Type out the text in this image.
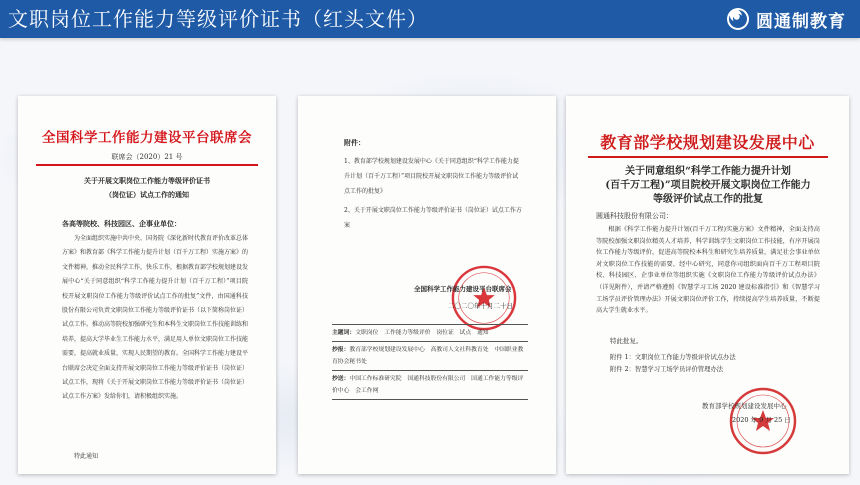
文职岗位工作能力等级评价证书（红头文件）	圆通制教育
全国科学工作能力建设平台联席会
联席会（2020）21 号
关于开展文职岗位工作能力等级评价证书
（岗位证）试点工作的通知
各高等院校、科技园区、企事业单位：
为全面组织实施中共中央、国务院《深化新时代教育评价改革总体方案》和教育部《科学工作能力提升计划（百千万工程）实施方案》的文件精神，推动全民科学工作，快乐工作，根据教育部学校规划建设发展中心“关于同意组织“科学工作能力提升计划（百千万工程）”项目院校开展文职岗位工作能力等级评价试点工作的批复”文件，由国通科技股份有限公司负责文职岗位工作能力等级评价证书（以下简称岗位证）试点工作。推动高等院校加强研究生和本科生文职岗位工作技能训练和培养，提高大学毕业生工作能力水平，满足用人单位文职岗位工作技能需要，提高就业质量，实现人民期望的教育。全国科学工作能力建设平台联席会决定全面支持开展文职岗位工作能力等级评价证书（岗位证）试点工作，现将《关于开展文职岗位工作能力等级评价证书（岗位证）试点工作方案》发给你们，请积极组织实施。
特此通知
附件：
1、教育部学校规划建设发展中心《关于同意组织“科学工作能力提升计划（百千万工程）”项目院校开展文职岗位工作能力等级评价试点工作的批复》
2、关于开展文职岗位工作能力等级评价证书（岗位证）试点工作方案
全国科学工作能力建设平台联席会
二〇二〇年十月二十日
主题词：文职岗位　工作能力等级评价　岗位证　试点　通知
抄报：教育部学校规划建设发展中心　高教司人文社科教育处　中国职业教育协会秘书处
抄送：中国工作标准研究院　国通科技股份有限公司　国通工作能力等级评价中心　会工作网
教育部学校规划建设发展中心
关于同意组织“科学工作能力提升计划
(百千万工程)”项目院校开展文职岗位工作能力
等级评价试点工作的批复
圆通科技股份有限公司：
根据《科学工作能力提升计划(百千万工程)实施方案》文件精神，全面支持高等院校加强文职岗位精英人才培养，科学训练学生文职岗位工作技能，有序开展岗位工作能力等级评价，促进高等院校本科生和研究生培养质量，满足社会事业单位对文职岗位工作技能的需要，经中心研究，同意你司组织面向百千万工程项目院校、科技园区、企事业单位等组织实施《文职岗位工作能力等级评价试点办法》（详见附件），并请严格遵照《智慧学习工场 2020 建设标准指引》和《智慧学习工场学员评价管理办法》开展文职岗位评价工作，持续提高学生培养质量，不断提高大学生就业水平。
特此批复。
附件 1：文职岗位工作能力等级评价试点办法
附件 2：智慧学习工场学员评价管理办法
教育部学校规划建设发展中心
2020 年 9 月 25 日
